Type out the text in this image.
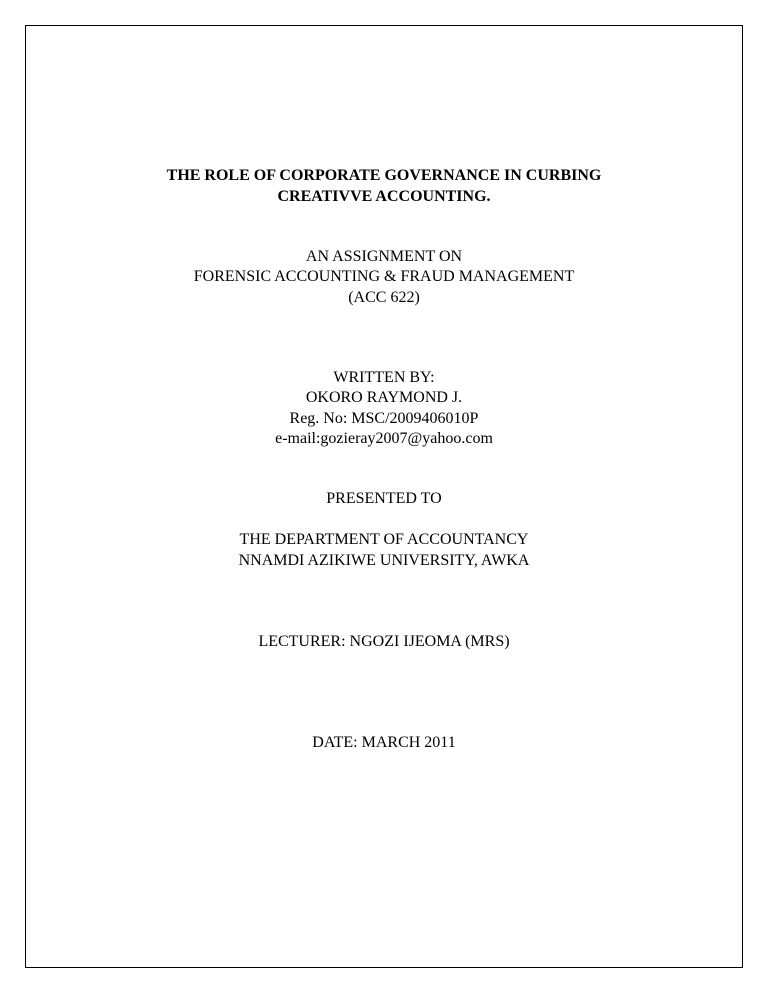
THE ROLE OF CORPORATE GOVERNANCE IN CURBING
CREATIVVE ACCOUNTING.
AN ASSIGNMENT ON
FORENSIC ACCOUNTING & FRAUD MANAGEMENT
(ACC 622)
WRITTEN BY:
OKORO RAYMOND J.
Reg. No: MSC/2009406010P
e-mail:gozieray2007@yahoo.com
PRESENTED TO
THE DEPARTMENT OF ACCOUNTANCY
NNAMDI AZIKIWE UNIVERSITY, AWKA
LECTURER: NGOZI IJEOMA (MRS)
DATE: MARCH 2011
